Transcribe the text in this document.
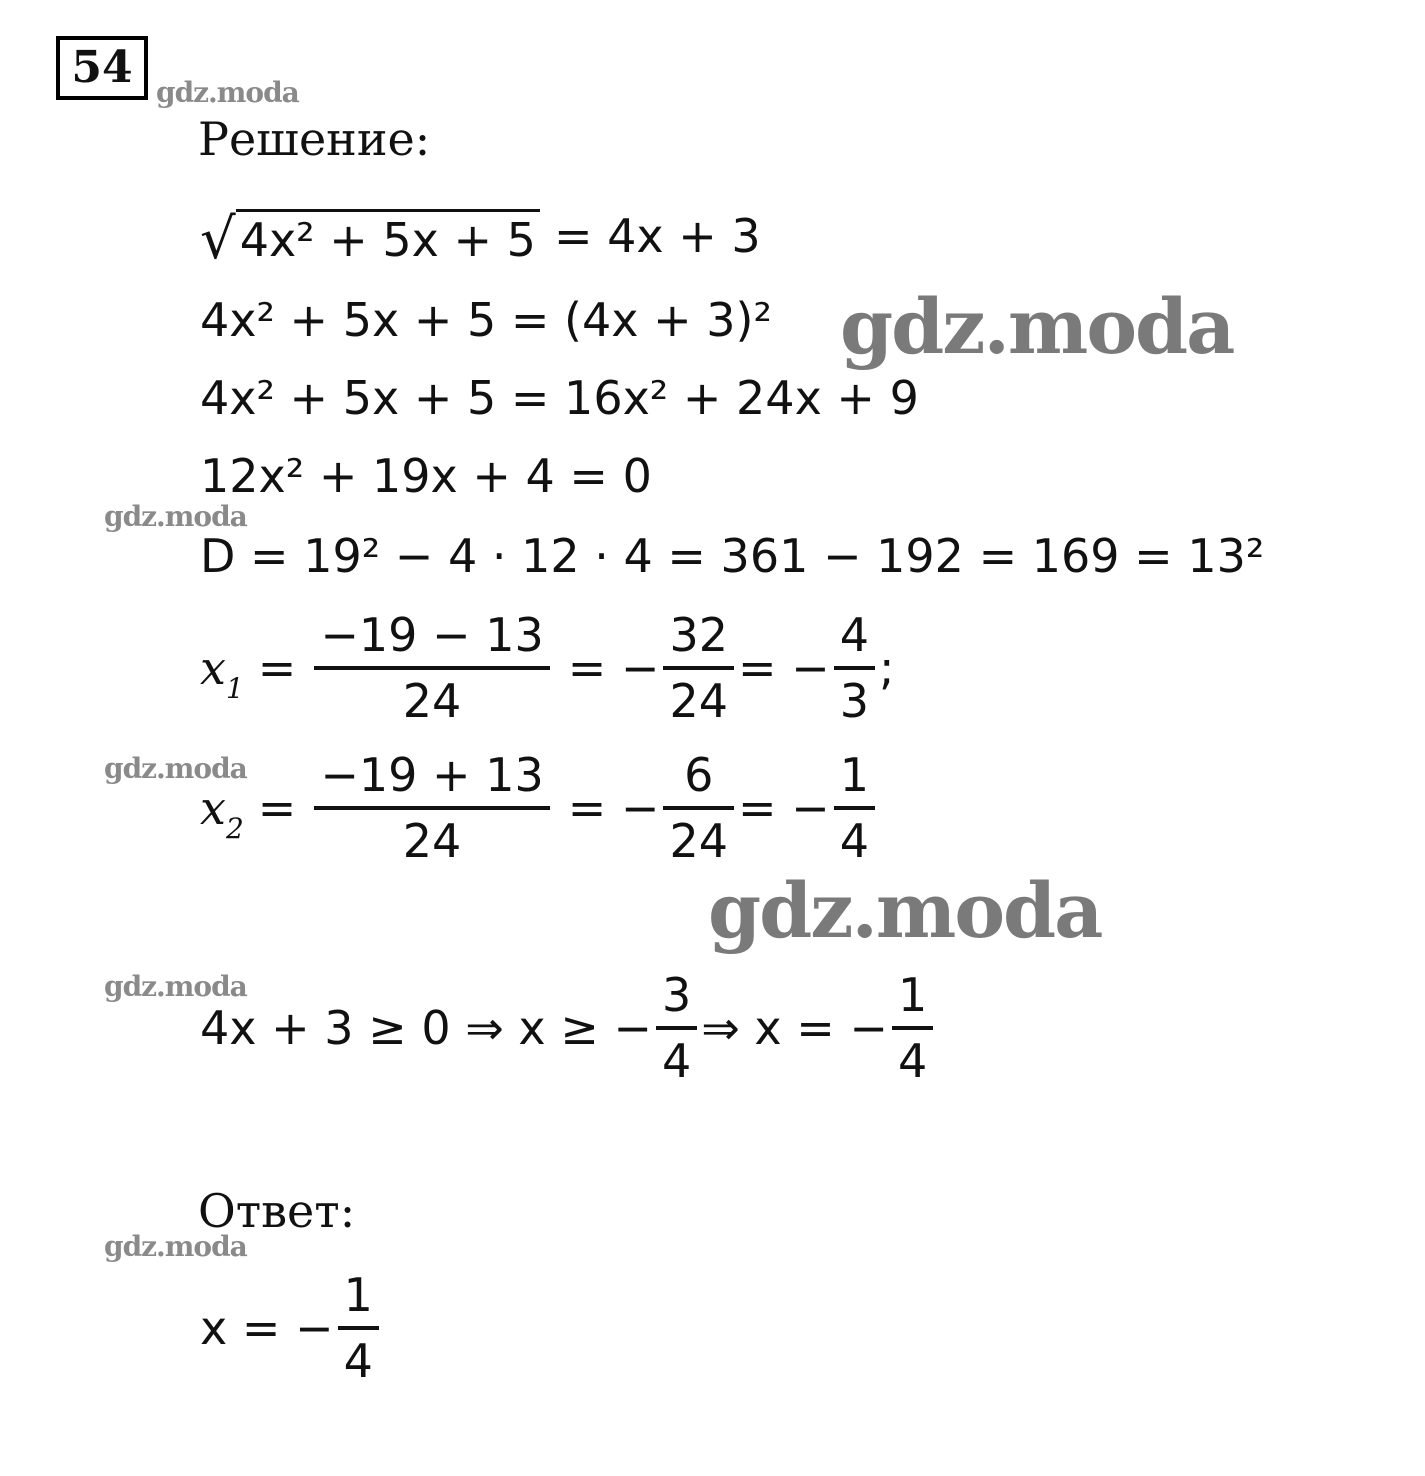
54 gdz.moda
gdz.moda
gdz.moda
gdz.moda
gdz.moda
gdz.moda
gdz.moda
Решение:
√ 4x² + 5x + 5 = 4x + 3
4x² + 5x + 5 = (4x + 3)²
4x² + 5x + 5 = 16x² + 24x + 9
12x² + 19x + 4 = 0
D = 19² − 4 · 12 · 4 = 361 − 192 = 169 = 13²
$x_1 = \frac{-19 - 13}{24}$ = − $\frac{32}{24}$ = − $\frac{4}{3}$ ;
$x_2 = \frac{-19 + 13}{24}$ = − $\frac{6}{24}$ = − $\frac{1}{4}$
4x + 3 ≥ 0 ⇒ x ≥ − $\frac{3}{4}$ ⇒ x = − $\frac{1}{4}$
Ответ:
x = − $\frac{1}{4}$
